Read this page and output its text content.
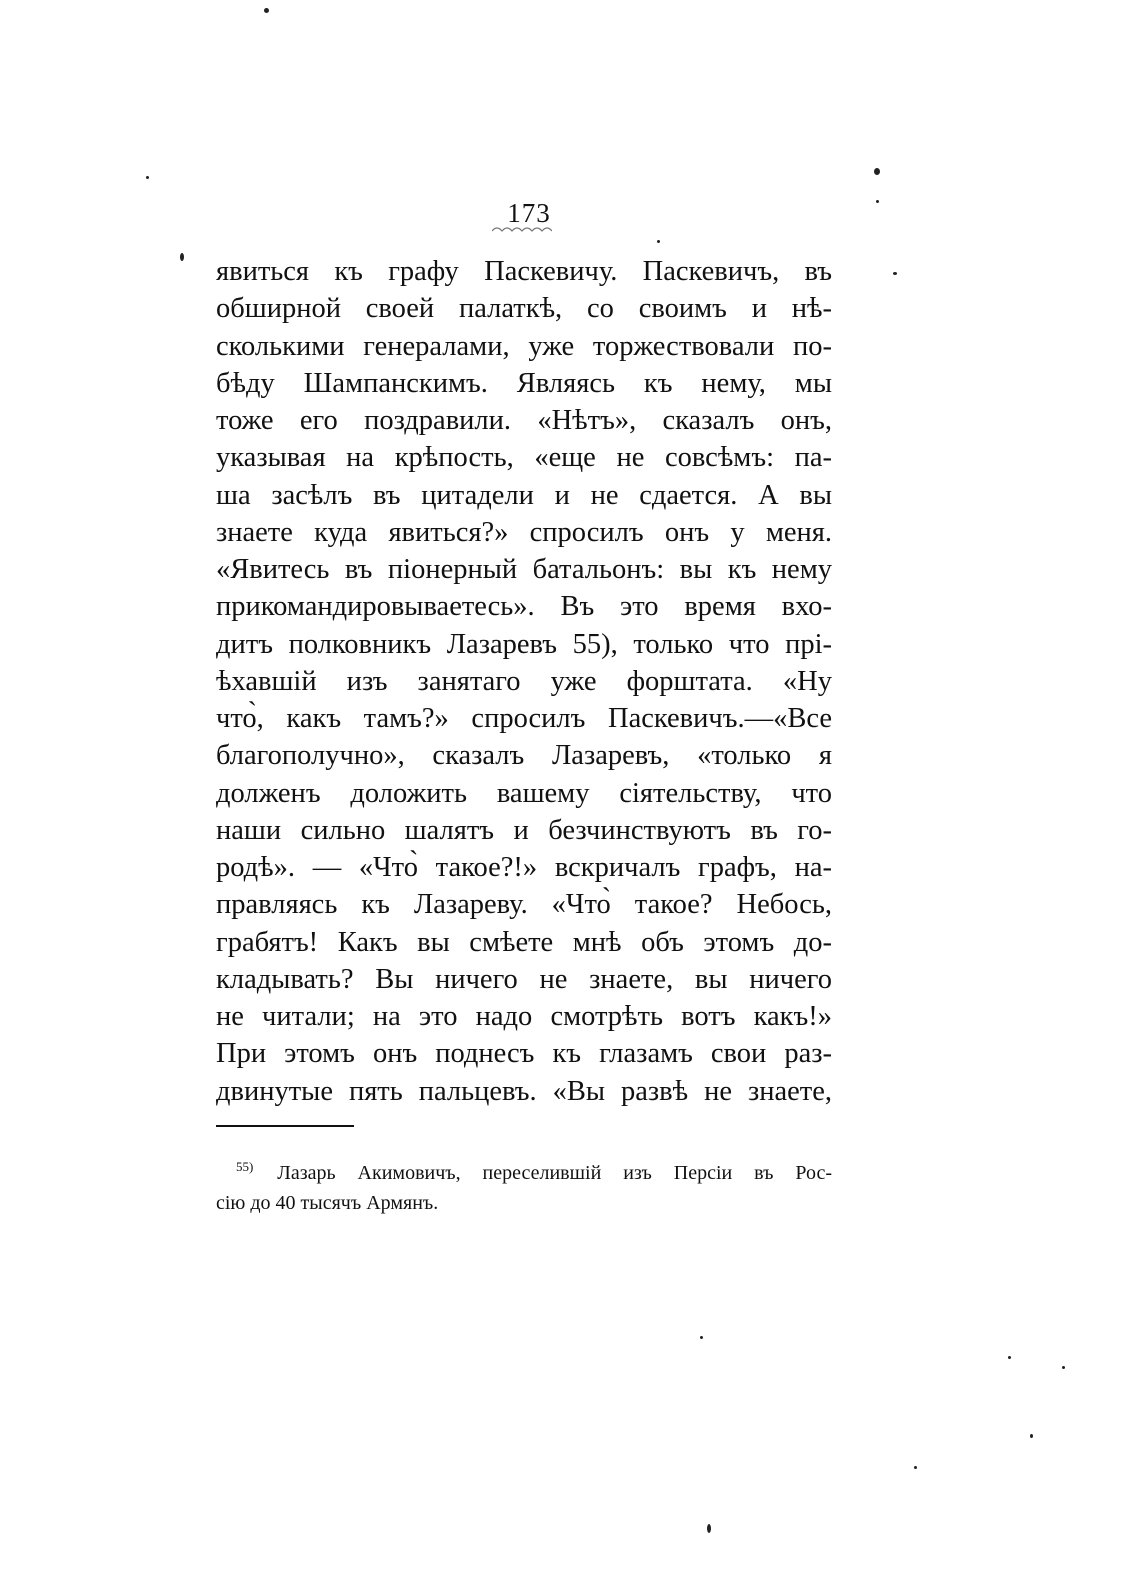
173
явиться къ графу Паскевичу. Паскевичъ, въ
обширной своей палаткѣ, со своимъ и нѣ-
сколькими генералами, уже торжествовали по-
бѣду Шампанскимъ. Являясь къ нему, мы
тоже его поздравили. «Нѣтъ», сказалъ онъ,
указывая на крѣпость, «еще не совсѣмъ: па-
ша засѣлъ въ цитадели и не сдается. А вы
знаете куда явиться?» спросилъ онъ у меня.
«Явитесь въ піонерный батальонъ: вы къ нему
прикомандировываетесь». Въ это время вхо-
дитъ полковникъ Лазаревъ 55), только что прі-
ѣхавшій изъ занятаго уже форштата. «Ну
что̀, какъ тамъ?» спросилъ Паскевичъ.—«Все
благополучно», сказалъ Лазаревъ, «только я
долженъ доложить вашему сіятельству, что
наши сильно шалятъ и безчинствуютъ въ го-
родѣ». — «Что̀ такое?!» вскричалъ графъ, на-
правляясь къ Лазареву. «Что̀ такое? Небось,
грабятъ! Какъ вы смѣете мнѣ объ этомъ до-
кладывать? Вы ничего не знаете, вы ничего
не читали; на это надо смотрѣть вотъ какъ!»
При этомъ онъ поднесъ къ глазамъ свои раз-
двинутые пять пальцевъ. «Вы развѣ не знаете,
$^{55)}$ Лазарь Акимовичъ, переселившій изъ Персіи въ Рос-
сію до 40 тысячъ Армянъ.
